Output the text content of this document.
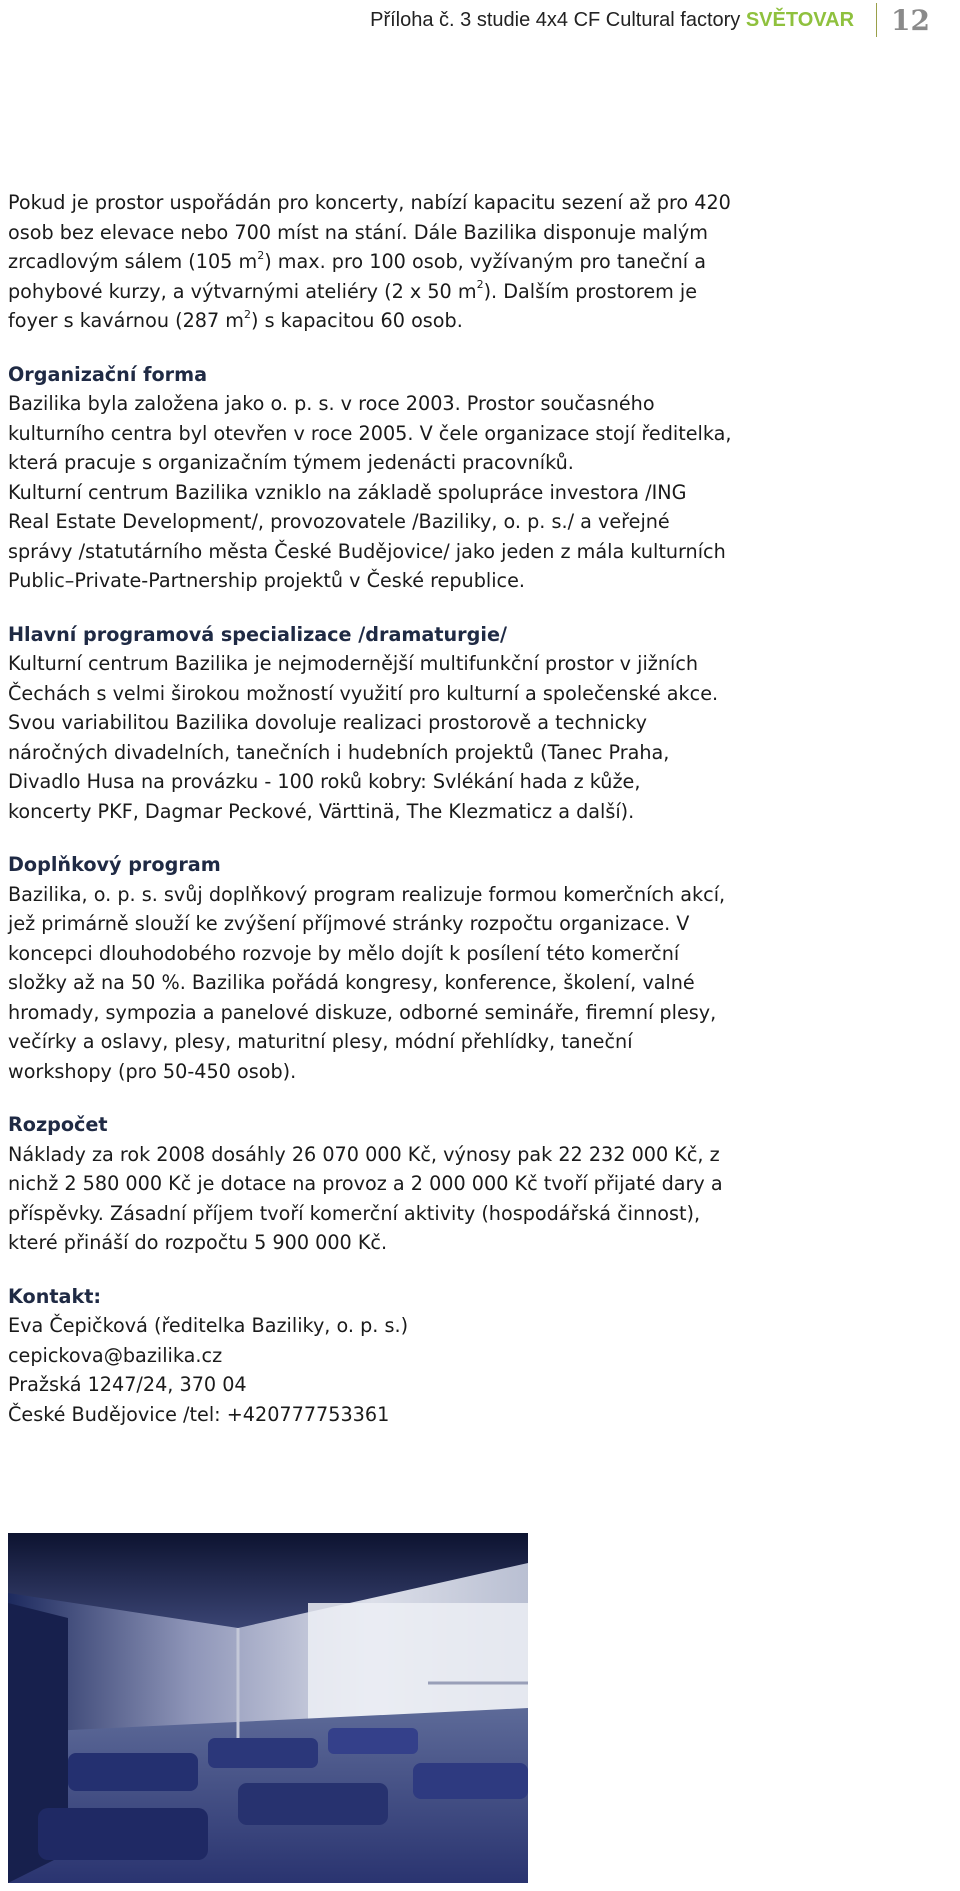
Příloha č. 3 studie 4x4 CF Cultural factory SVĚTOVAR 12

Pokud je prostor uspořádán pro koncerty, nabízí kapacitu sezení až pro 420

osob bez elevace nebo 700 míst na stání. Dále Bazilika disponuje malým

zrcadlovým sálem (105 $m^2$) max. pro 100 osob, vyžívaným pro taneční a

pohybové kurzy, a výtvarnými ateliéry (2 x 50 $m^2$). Dalším prostorem je

foyer s kavárnou (287 $m^2$) s kapacitou 60 osob.

Organizační forma

Bazilika byla založena jako o. p. s. v roce 2003. Prostor současného

kulturního centra byl otevřen v roce 2005. V čele organizace stojí ředitelka,

která pracuje s organizačním týmem jedenácti pracovníků.

Kulturní centrum Bazilika vzniklo na základě spolupráce investora /ING

Real Estate Development/, provozovatele /Baziliky, o. p. s./ a veřejné

správy /statutárního města České Budějovice/ jako jeden z mála kulturních

Public–Private-Partnership projektů v České republice.

Hlavní programová specializace /dramaturgie/

Kulturní centrum Bazilika je nejmodernější multifunkční prostor v jižních

Čechách s velmi širokou možností využití pro kulturní a společenské akce.

Svou variabilitou Bazilika dovoluje realizaci prostorově a technicky

náročných divadelních, tanečních i hudebních projektů (Tanec Praha,

Divadlo Husa na provázku - 100 roků kobry: Svlékání hada z kůže,

koncerty PKF, Dagmar Peckové, Värttinä, The Klezmaticz a další).

Doplňkový program

Bazilika, o. p. s. svůj doplňkový program realizuje formou komerčních akcí,

jež primárně slouží ke zvýšení příjmové stránky rozpočtu organizace. V

koncepci dlouhodobého rozvoje by mělo dojít k posílení této komerční

složky až na 50 %. Bazilika pořádá kongresy, konference, školení, valné

hromady, sympozia a panelové diskuze, odborné semináře, firemní plesy,

večírky a oslavy, plesy, maturitní plesy, módní přehlídky, taneční

workshopy (pro 50-450 osob).

Rozpočet

Náklady za rok 2008 dosáhly 26 070 000 Kč, výnosy pak 22 232 000 Kč, z

nichž 2 580 000 Kč je dotace na provoz a 2 000 000 Kč tvoří přijaté dary a

příspěvky. Zásadní příjem tvoří komerční aktivity (hospodářská činnost),

které přináší do rozpočtu 5 900 000 Kč.

Kontakt:

Eva Čepičková (ředitelka Baziliky, o. p. s.)

cepickova@bazilika.cz

Pražská 1247/24, 370 04

České Budějovice /tel: +420777753361
